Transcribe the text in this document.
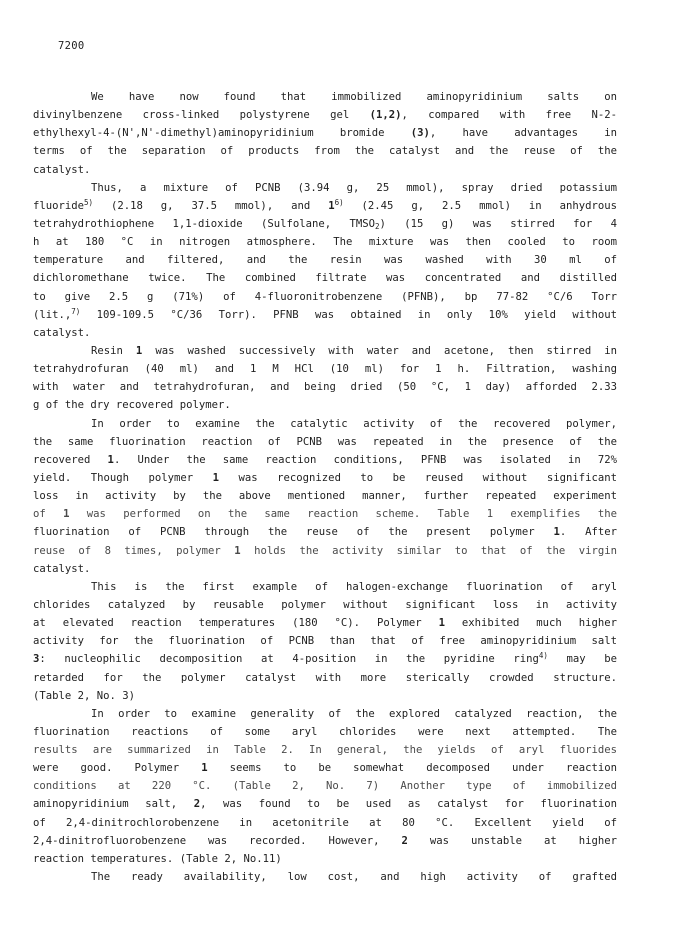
7200
We have now found that immobilized aminopyridinium salts on
divinylbenzene cross-linked polystyrene gel (1,2), compared with free N-2-
ethylhexyl-4-(N',N'-dimethyl)aminopyridinium bromide (3), have advantages in
terms of the separation of products from the catalyst and the reuse of the
catalyst.
Thus, a mixture of PCNB (3.94 g, 25 mmol), spray dried potassium
fluoride$^{5)}$ (2.18 g, 37.5 mmol), and 1$^{6)}$ (2.45 g, 2.5 mmol) in anhydrous
tetrahydrothiophene 1,1-dioxide (Sulfolane, $TMSO_2$) (15 g) was stirred for 4
h at 180 °C in nitrogen atmosphere. The mixture was then cooled to room
temperature and filtered, and the resin was washed with 30 ml of
dichloromethane twice. The combined filtrate was concentrated and distilled
to give 2.5 g (71%) of 4-fluoronitrobenzene (PFNB), bp 77-82 °C/6 Torr
(lit.,$^{7)}$ 109-109.5 °C/36 Torr). PFNB was obtained in only 10% yield without
catalyst.
Resin 1 was washed successively with water and acetone, then stirred in
tetrahydrofuran (40 ml) and 1 M HCl (10 ml) for 1 h. Filtration, washing
with water and tetrahydrofuran, and being dried (50 °C, 1 day) afforded 2.33
g of the dry recovered polymer.
In order to examine the catalytic activity of the recovered polymer,
the same fluorination reaction of PCNB was repeated in the presence of the
recovered 1. Under the same reaction conditions, PFNB was isolated in 72%
yield. Though polymer 1 was recognized to be reused without significant
loss in activity by the above mentioned manner, further repeated experiment
of 1 was performed on the same reaction scheme. Table 1 exemplifies the
fluorination of PCNB through the reuse of the present polymer 1. After
reuse of 8 times, polymer 1 holds the activity similar to that of the virgin
catalyst.
This is the first example of halogen-exchange fluorination of aryl
chlorides catalyzed by reusable polymer without significant loss in activity
at elevated reaction temperatures (180 °C). Polymer 1 exhibited much higher
activity for the fluorination of PCNB than that of free aminopyridinium salt
3: nucleophilic decomposition at 4-position in the pyridine ring$^{4)}$ may be
retarded for the polymer catalyst with more sterically crowded structure.
(Table 2, No. 3)
In order to examine generality of the explored catalyzed reaction, the
fluorination reactions of some aryl chlorides were next attempted. The
results are summarized in Table 2. In general, the yields of aryl fluorides
were good. Polymer 1 seems to be somewhat decomposed under reaction
conditions at 220 °C. (Table 2, No. 7) Another type of immobilized
aminopyridinium salt, 2, was found to be used as catalyst for fluorination
of 2,4-dinitrochlorobenzene in acetonitrile at 80 °C. Excellent yield of
2,4-dinitrofluorobenzene was recorded. However, 2 was unstable at higher
reaction temperatures. (Table 2, No.11)
The ready availability, low cost, and high activity of grafted
